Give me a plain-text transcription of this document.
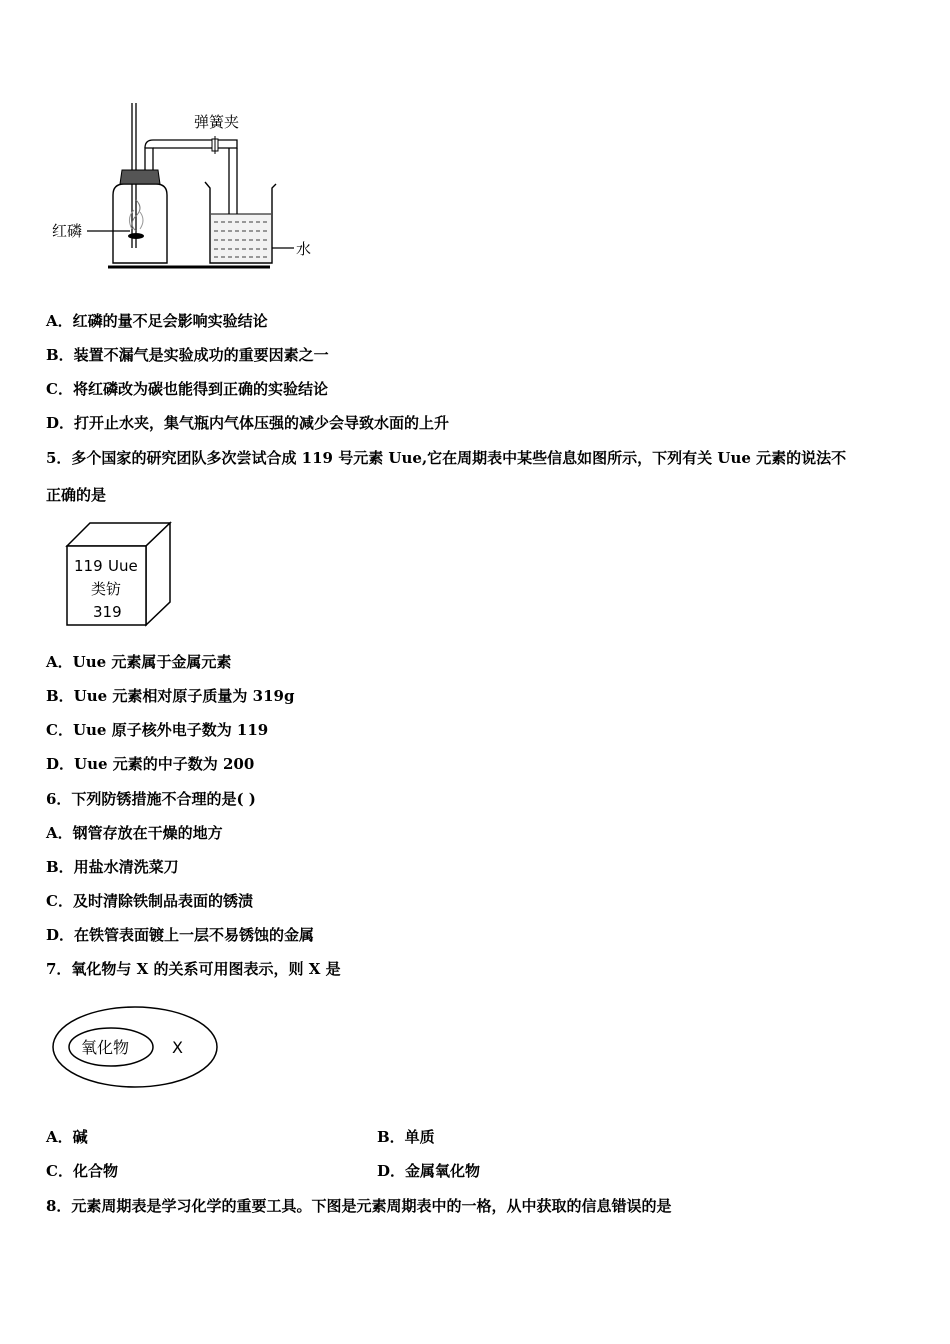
红磷
弹簧夹
水
A．红磷的量不足会影响实验结论
B．装置不漏气是实验成功的重要因素之一
C．将红磷改为碳也能得到正确的实验结论
D．打开止水夹，集气瓶内气体压强的减少会导致水面的上升
5．多个国家的研究团队多次尝试合成 119 号元素 Uue,它在周期表中某些信息如图所示，下列有关 Uue 元素的说法不
正确的是
119 Uue
类钫
319
A．Uue 元素属于金属元素
B．Uue 元素相对原子质量为 319g
C．Uue 原子核外电子数为 119
D．Uue 元素的中子数为 200
6．下列防锈措施不合理的是( )
A．钢管存放在干燥的地方
B．用盐水清洗菜刀
C．及时清除铁制品表面的锈渍
D．在铁管表面镀上一层不易锈蚀的金属
7．氧化物与 X 的关系可用图表示，则 X 是
氧化物	X
A．碱	B．单质
C．化合物	D．金属氧化物
8．元素周期表是学习化学的重要工具。下图是元素周期表中的一格，从中获取的信息错误的是
